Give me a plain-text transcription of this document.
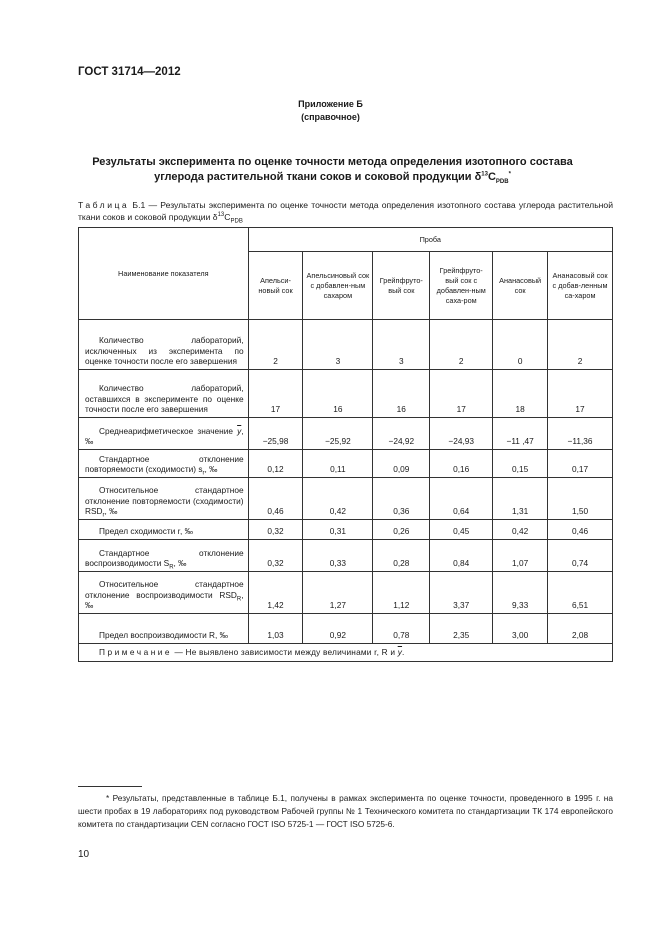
ГОСТ 31714—2012
Приложение Б
(справочное)
Результаты эксперимента по оценке точности метода определения изотопного состава
углерода растительной ткани соков и соковой продукции $\delta^{13}C_{PDB}^*$
Таблица Б.1 — Результаты эксперимента по оценке точности метода определения изотопного состава углерода растительной ткани соков и соковой продукции $\delta^{13}C_{PDB}$
Наименование показателя	Проба					
	Апельси-новый сок	Апельсиновый сок с добавлен-ным сахаром	Грейпфруто-вый сок	Грейпфруто-вый сок с добавлен-ным саха-ром	Ананасовый сок	Ананасовый сок с добав-ленным са-харом
Количество лабораторий, исключенных из эксперимента по оценке точности после его завершения	2	3	3	2	0	2
Количество лабораторий, оставшихся в эксперименте по оценке точности после его завершения	17	16	16	17	18	17
Среднеарифметическое значение $\overline{y}$, ‰	−25,98	−25,92	−24,92	−24,93	−11 ,47	−11,36
Стандартное отклонение повторяемости (сходимости) $s_r$, ‰	0,12	0,11	0,09	0,16	0,15	0,17
Относительное стандартное отклонение повторяемости (сходимости) $RSD_r$, ‰	0,46	0,42	0,36	0,64	1,31	1,50
Предел сходимости r, ‰	0,32	0,31	0,26	0,45	0,42	0,46
Стандартное отклонение воспроизводимости $S_R$, ‰	0,32	0,33	0,28	0,84	1,07	0,74
Относительное стандартное отклонение воспроизводимости $RSD_R$, ‰	1,42	1,27	1,12	3,37	9,33	6,51
Предел воспроизводимости R, ‰	1,03	0,92	0,78	2,35	3,00	2,08
Примечание — Не выявлено зависимости между величинами r, R и $\overline{y}$.						
* Результаты, представленные в таблице Б.1, получены в рамках эксперимента по оценке точности, проведенного в 1995 г. на шести пробах в 19 лабораториях под руководством Рабочей группы № 1 Технического комитета по стандартизации ТК 174 европейского комитета по стандартизации CEN согласно ГОСТ ISO 5725-1 — ГОСТ ISO 5725-6.
10
